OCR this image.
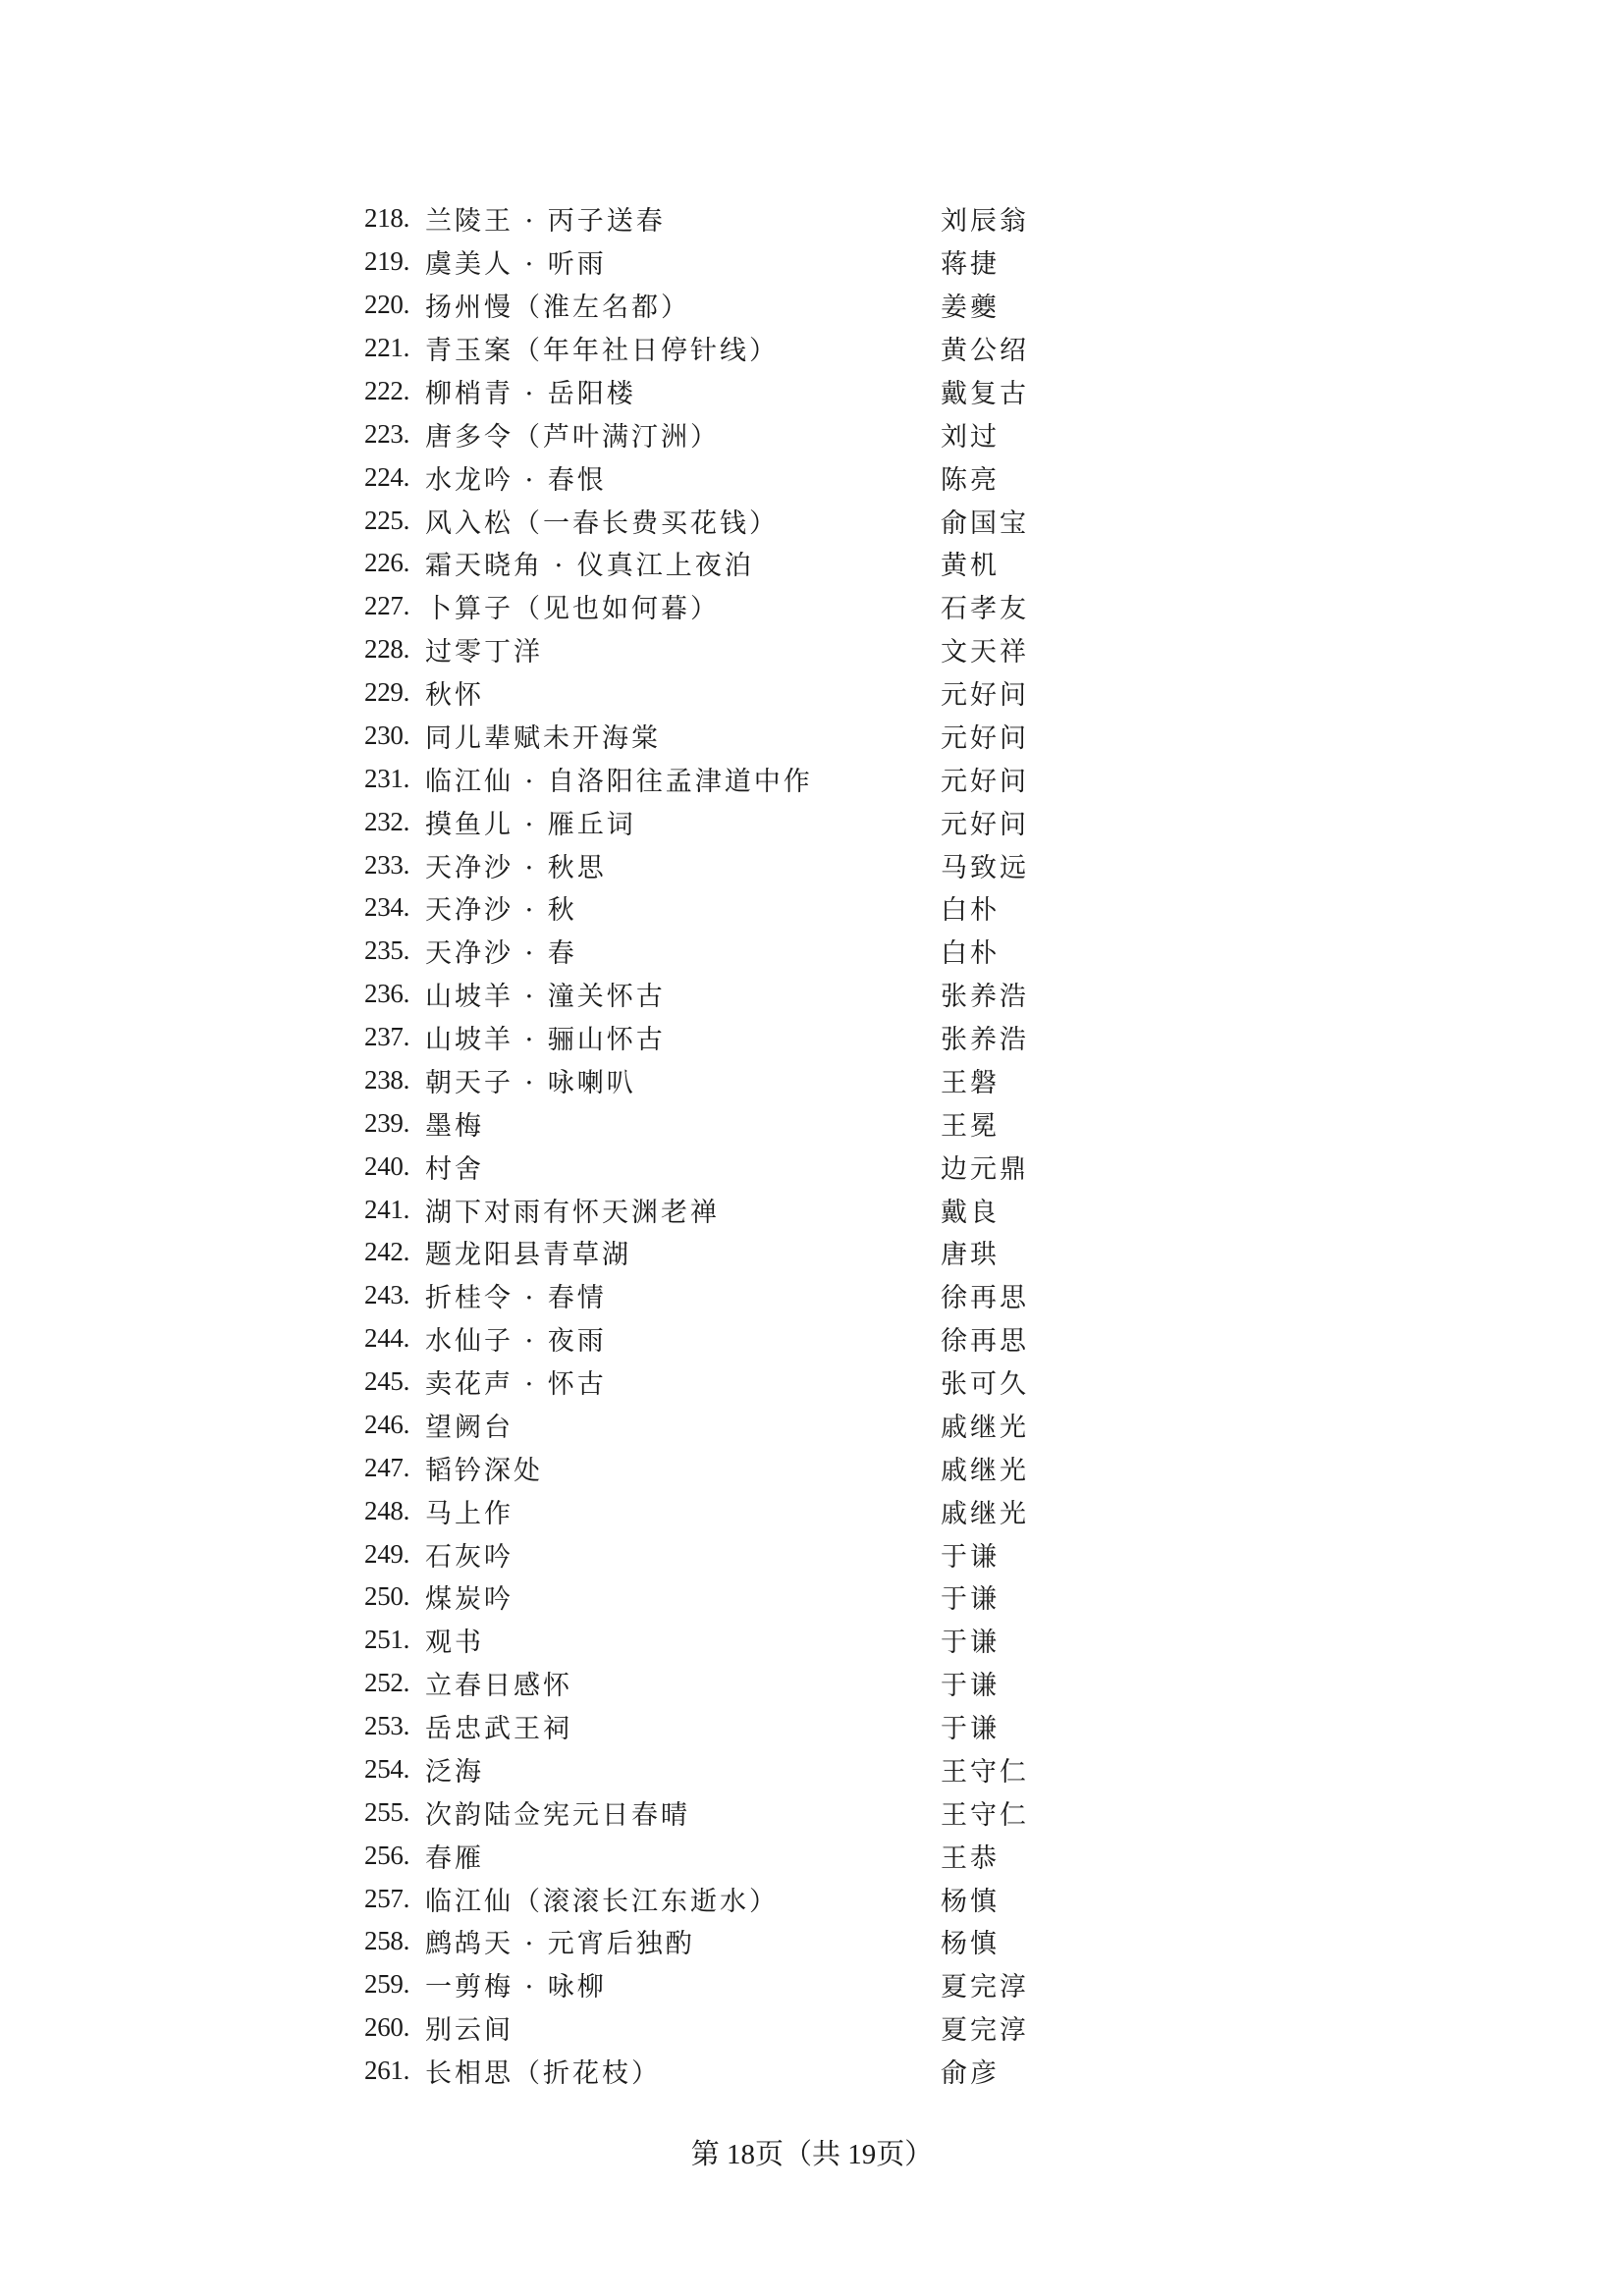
218. 兰陵王 · 丙子送春	刘辰翁
219. 虞美人 · 听雨	蒋捷
220. 扬州慢（淮左名都）	姜夔
221. 青玉案（年年社日停针线）	黄公绍
222. 柳梢青 · 岳阳楼	戴复古
223. 唐多令（芦叶满汀洲）	刘过
224. 水龙吟 · 春恨	陈亮
225. 风入松（一春长费买花钱）	俞国宝
226. 霜天晓角 · 仪真江上夜泊	黄机
227. 卜算子（见也如何暮）	石孝友
228. 过零丁洋	文天祥
229. 秋怀	元好问
230. 同儿辈赋未开海棠	元好问
231. 临江仙 · 自洛阳往孟津道中作	元好问
232. 摸鱼儿 · 雁丘词	元好问
233. 天净沙 · 秋思	马致远
234. 天净沙 · 秋	白朴
235. 天净沙 · 春	白朴
236. 山坡羊 · 潼关怀古	张养浩
237. 山坡羊 · 骊山怀古	张养浩
238. 朝天子 · 咏喇叭	王磐
239. 墨梅	王冕
240. 村舍	边元鼎
241. 湖下对雨有怀天渊老禅	戴良
242. 题龙阳县青草湖	唐珙
243. 折桂令 · 春情	徐再思
244. 水仙子 · 夜雨	徐再思
245. 卖花声 · 怀古	张可久
246. 望阙台	戚继光
247. 韬钤深处	戚继光
248. 马上作	戚继光
249. 石灰吟	于谦
250. 煤炭吟	于谦
251. 观书	于谦
252. 立春日感怀	于谦
253. 岳忠武王祠	于谦
254. 泛海	王守仁
255. 次韵陆佥宪元日春晴	王守仁
256. 春雁	王恭
257. 临江仙（滚滚长江东逝水）	杨慎
258. 鹧鸪天 · 元宵后独酌	杨慎
259. 一剪梅 · 咏柳	夏完淳
260. 别云间	夏完淳
261. 长相思（折花枝）	俞彦
第 18页（共 19页）
